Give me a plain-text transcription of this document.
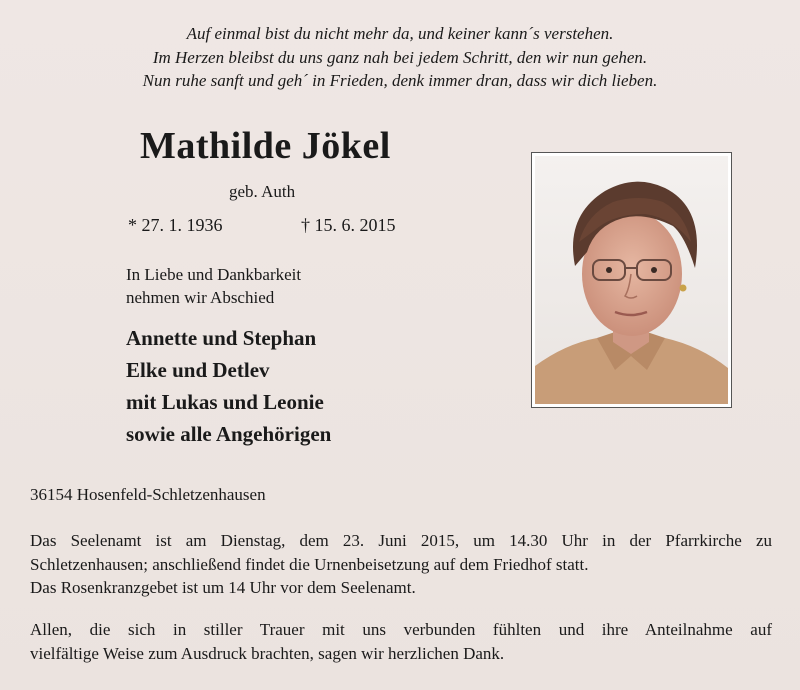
Auf einmal bist du nicht mehr da, und keiner kann´s verstehen.

Im Herzen bleibst du uns ganz nah bei jedem Schritt, den wir nun gehen.

Nun ruhe sanft und geh´ in Frieden, denk immer dran, dass wir dich lieben.

Mathilde Jökel
geb. Auth
* 27. 1. 1936	† 15. 6. 2015
In Liebe und Dankbarkeit
nehmen wir Abschied
Annette und Stephan
Elke und Detlev
mit Lukas und Leonie
sowie alle Angehörigen
36154 Hosenfeld-Schletzenhausen
Das Seelenamt ist am Dienstag, dem 23. Juni 2015, um 14.30 Uhr in der Pfarrkirche zu
Schletzenhausen; anschließend findet die Urnenbeisetzung auf dem Friedhof statt.
Das Rosenkranzgebet ist um 14 Uhr vor dem Seelenamt.
Allen, die sich in stiller Trauer mit uns verbunden fühlten und ihre Anteilnahme auf
vielfältige Weise zum Ausdruck brachten, sagen wir herzlichen Dank.
